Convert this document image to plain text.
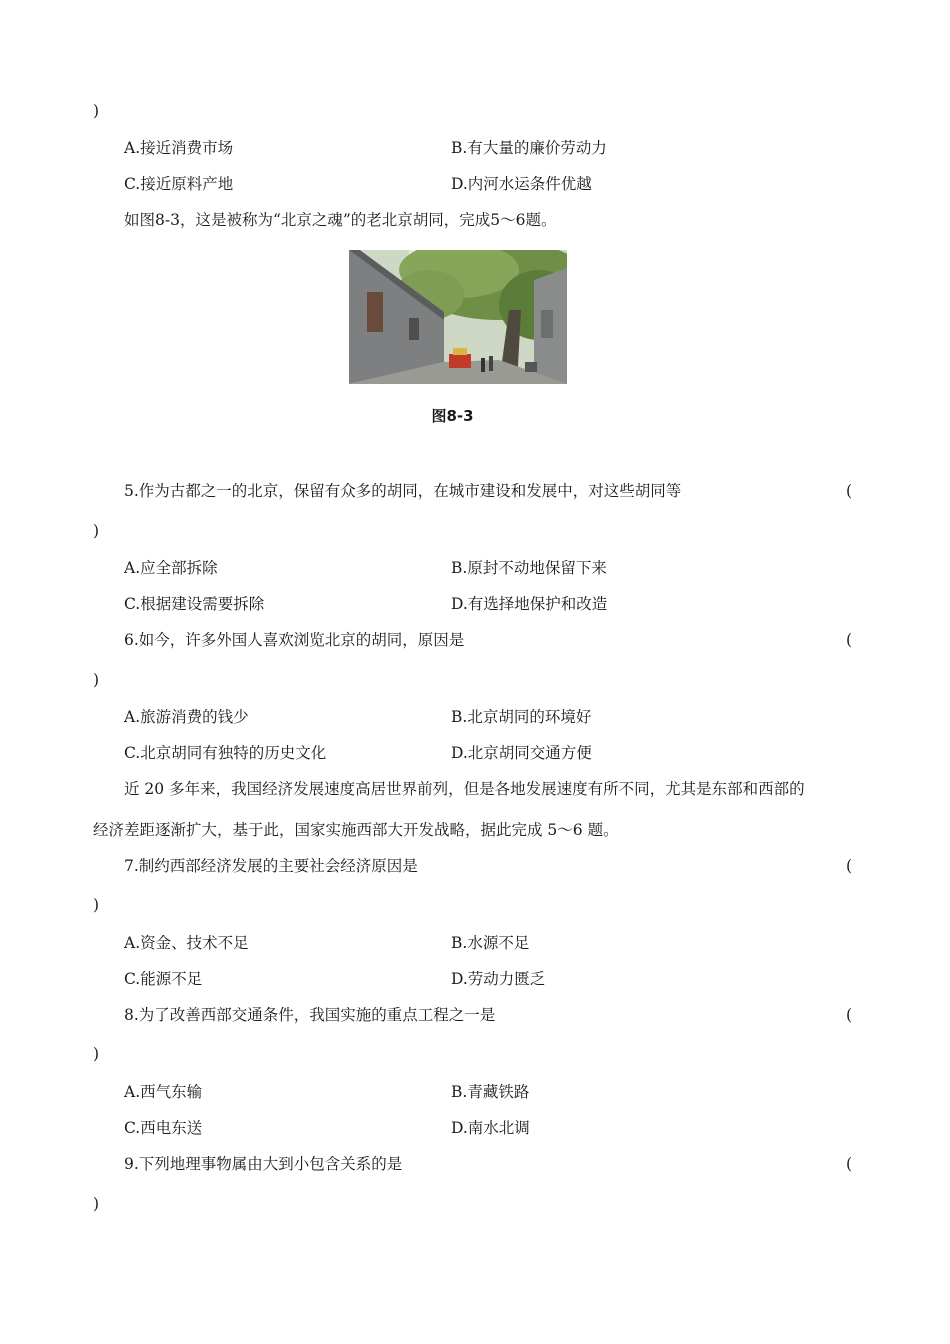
)
A.接近消费市场	B.有大量的廉价劳动力
C.接近原料产地	D.内河水运条件优越
如图8-3，这是被称为“北京之魂”的老北京胡同，完成5～6题。
图8-3
5.作为古都之一的北京，保留有众多的胡同，在城市建设和发展中，对这些胡同等	(
)
A.应全部拆除	B.原封不动地保留下来
C.根据建设需要拆除	D.有选择地保护和改造
6.如今，许多外国人喜欢浏览北京的胡同，原因是	(
)
A.旅游消费的钱少	B.北京胡同的环境好
C.北京胡同有独特的历史文化	D.北京胡同交通方便
近 20 多年来，我国经济发展速度高居世界前列，但是各地发展速度有所不同，尤其是东部和西部的
经济差距逐渐扩大，基于此，国家实施西部大开发战略，据此完成 5～6 题。
7.制约西部经济发展的主要社会经济原因是	(
)
A.资金、技术不足	B.水源不足
C.能源不足	D.劳动力匮乏
8.为了改善西部交通条件，我国实施的重点工程之一是	(
)
A.西气东输	B.青藏铁路
C.西电东送	D.南水北调
9.下列地理事物属由大到小包含关系的是	(
)
